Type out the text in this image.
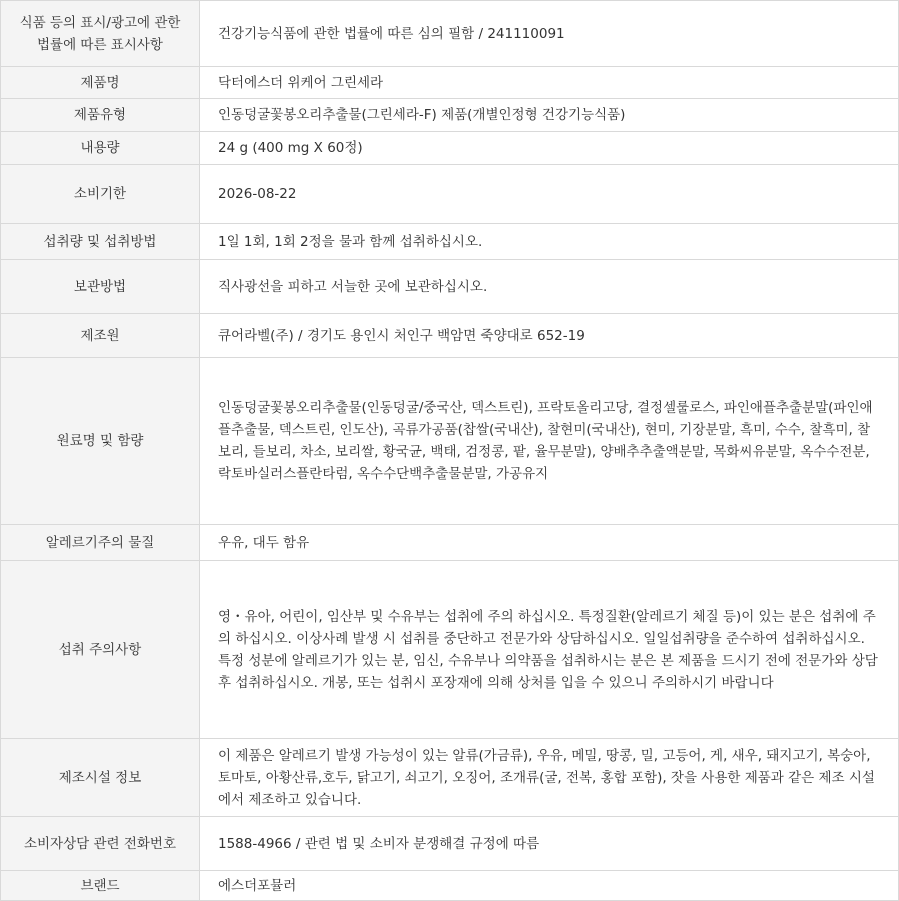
식품 등의 표시/광고에 관한 법률에 따른 표시사항	건강기능식품에 관한 법률에 따른 심의 필함 / 241110091
제품명	닥터에스더 위케어 그린세라
제품유형	인동덩굴꽃봉오리추출물(그린세라-F) 제품(개별인정형 건강기능식품)
내용량	24 g (400 mg X 60정)
소비기한	2026-08-22
섭취량 및 섭취방법	1일 1회, 1회 2정을 물과 함께 섭취하십시오.
보관방법	직사광선을 피하고 서늘한 곳에 보관하십시오.
제조원	큐어라벨(주) / 경기도 용인시 처인구 백암면 죽양대로 652-19
원료명 및 함량	인동덩굴꽃봉오리추출물(인동덩굴/중국산, 덱스트린), 프락토올리고당, 결정셀룰로스, 파인애플추출분말(파인애플추출물, 덱스트린, 인도산), 곡류가공품(찹쌀(국내산), 찰현미(국내산), 현미, 기장분말, 흑미, 수수, 찰흑미, 찰보리, 들보리, 차소, 보리쌀, 황국균, 백태, 검정콩, 팥, 율무분말), 양배추추출액분말, 목화씨유분말, 옥수수전분, 락토바실러스플란타럼, 옥수수단백추출물분말, 가공유지
알레르기주의 물질	우유, 대두 함유
섭취 주의사항	영・유아, 어린이, 임산부 및 수유부는 섭취에 주의 하십시오. 특정질환(알레르기 체질 등)이 있는 분은 섭취에 주의 하십시오. 이상사례 발생 시 섭취를 중단하고 전문가와 상담하십시오. 일일섭취량을 준수하여 섭취하십시오. 특정 성분에 알레르기가 있는 분, 임신, 수유부나 의약품을 섭취하시는 분은 본 제품을 드시기 전에 전문가와 상담 후 섭취하십시오. 개봉, 또는 섭취시 포장재에 의해 상처를 입을 수 있으니 주의하시기 바랍니다
제조시설 정보	이 제품은 알레르기 발생 가능성이 있는 알류(가금류), 우유, 메밀, 땅콩, 밀, 고등어, 게, 새우, 돼지고기, 복숭아, 토마토, 아황산류,호두, 닭고기, 쇠고기, 오징어, 조개류(굴, 전복, 홍합 포함), 잣을 사용한 제품과 같은 제조 시설에서 제조하고 있습니다.
소비자상담 관련 전화번호	1588-4966 / 관련 법 및 소비자 분쟁해결 규정에 따름
브랜드	에스더포뮬러
